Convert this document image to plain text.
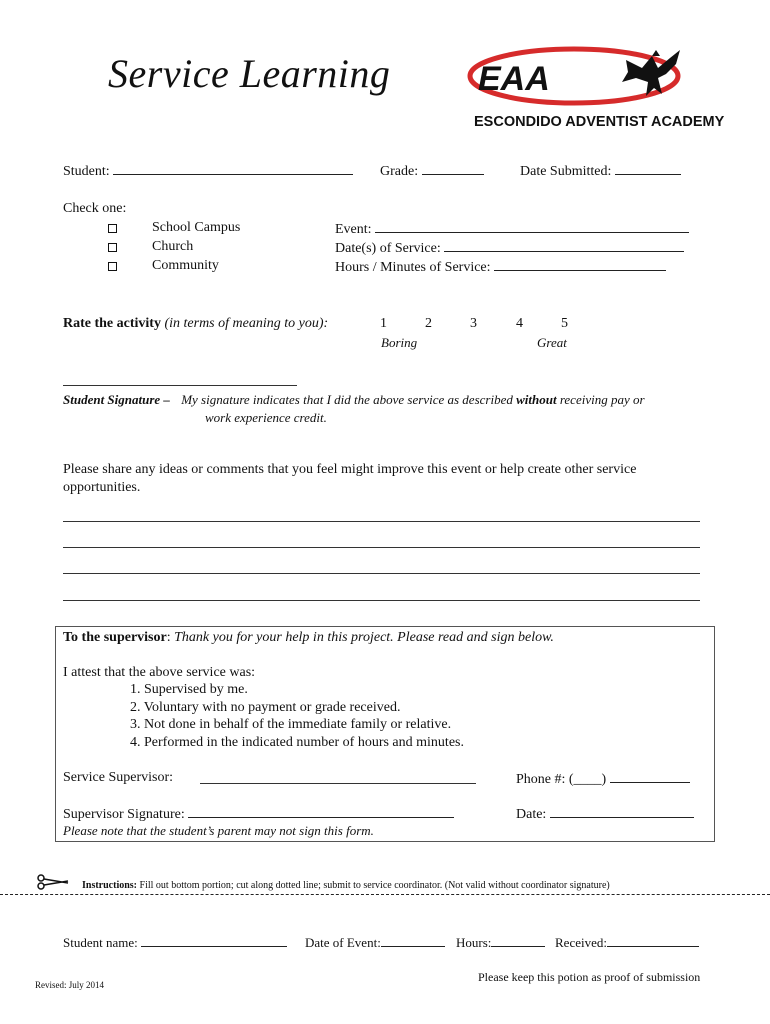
Service Learning	EAA
ESCONDIDO ADVENTIST ACADEMY
Student:	Grade:	Date Submitted:
Check one:
School Campus
Church
Community
Event:
Date(s) of Service:
Hours / Minutes of Service:
Rate the activity (in terms of meaning to you):	1	2	3	4	5
Boring	Great
Student Signature – My signature indicates that I did the above service as described without receiving pay or
work experience credit.
Please share any ideas or comments that you feel might improve this event or help create other service
opportunities.
To the supervisor: Thank you for your help in this project. Please read and sign below.
I attest that the above service was:
1. Supervised by me.
2. Voluntary with no payment or grade received.
3. Not done in behalf of the immediate family or relative.
4. Performed in the indicated number of hours and minutes.
Service Supervisor:	Phone #: (____)
Supervisor Signature:	Date:
Please note that the student’s parent may not sign this form.
Instructions: Fill out bottom portion; cut along dotted line; submit to service coordinator. (Not valid without coordinator signature)
Student name:	Date of Event:	Hours:	Received:
Please keep this potion as proof of submission
Revised: July 2014
